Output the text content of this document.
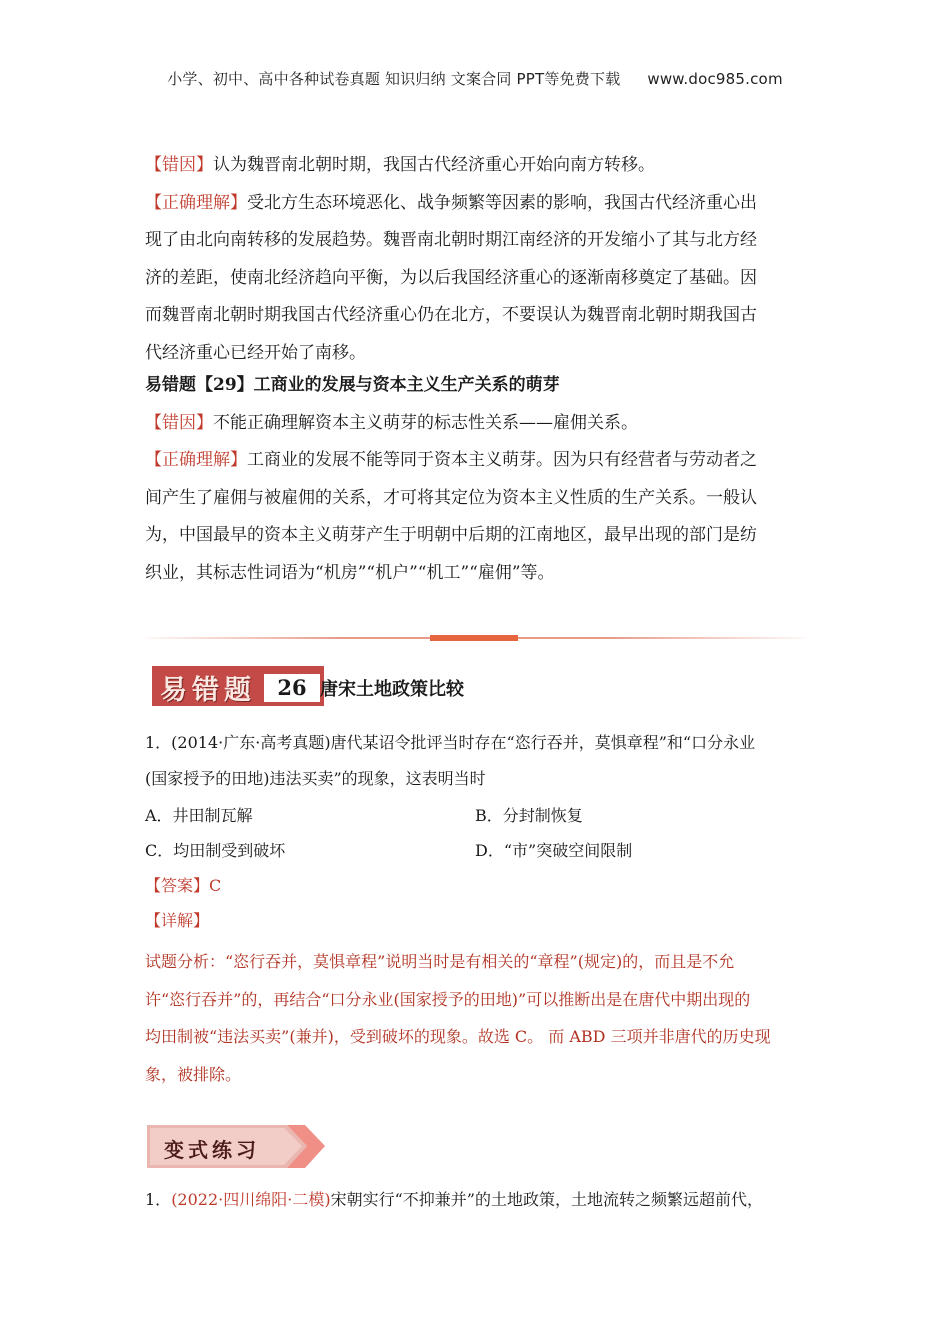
小学、初中、高中各种试卷真题 知识归纳 文案合同 PPT等免费下载 www.doc985.com

【错因】认为魏晋南北朝时期，我国古代经济重心开始向南方转移。

【正确理解】受北方生态环境恶化、战争频繁等因素的影响，我国古代经济重心出
现了由北向南转移的发展趋势。魏晋南北朝时期江南经济的开发缩小了其与北方经
济的差距，使南北经济趋向平衡，为以后我国经济重心的逐渐南移奠定了基础。因
而魏晋南北朝时期我国古代经济重心仍在北方，不要误认为魏晋南北朝时期我国古
代经济重心已经开始了南移。

易错题【29】工商业的发展与资本主义生产关系的萌芽

【错因】不能正确理解资本主义萌芽的标志性关系——雇佣关系。

【正确理解】工商业的发展不能等同于资本主义萌芽。因为只有经营者与劳动者之
间产生了雇佣与被雇佣的关系，才可将其定位为资本主义性质的生产关系。一般认
为，中国最早的资本主义萌芽产生于明朝中后期的江南地区，最早出现的部门是纺
织业，其标志性词语为“机房”“机户”“机工”“雇佣”等。

易错题	26 唐宋土地政策比较
1．(2014·广东·高考真题)唐代某诏令批评当时存在“恣行吞并，莫惧章程”和“口分永业
(国家授予的田地)违法买卖”的现象，这表明当时
A．井田制瓦解	B．分封制恢复
C．均田制受到破坏	D．“市”突破空间限制
【答案】C
【详解】
试题分析：“恣行吞并，莫惧章程”说明当时是有相关的“章程”(规定)的，而且是不允
许“恣行吞并”的，再结合“口分永业(国家授予的田地)”可以推断出是在唐代中期出现的
均田制被“违法买卖”(兼并)，受到破坏的现象。故选 C。 而 ABD 三项并非唐代的历史现
象，被排除。
变式练习
1．(2022·四川绵阳·二模)宋朝实行“不抑兼并”的土地政策，土地流转之频繁远超前代，
